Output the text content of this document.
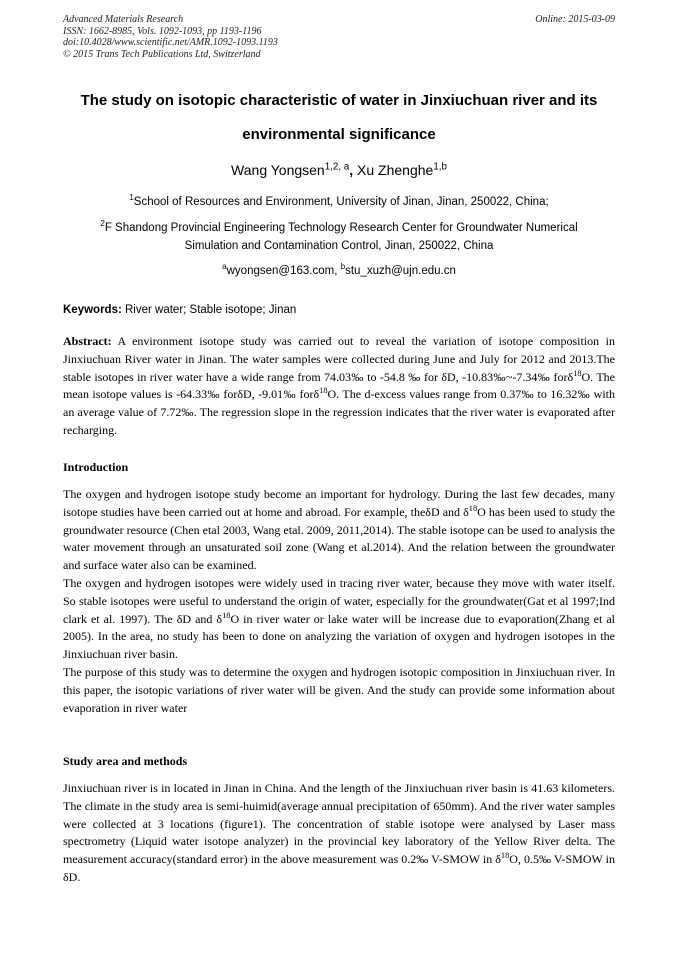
Advanced Materials Research
ISSN: 1662-8985, Vols. 1092-1093, pp 1193-1196
doi:10.4028/www.scientific.net/AMR.1092-1093.1193
© 2015 Trans Tech Publications Ltd, Switzerland
Online: 2015-03-09
The study on isotopic characteristic of water in Jinxiuchuan river and its
environmental significance
Wang Yongsen$^{1,2, a}$, Xu Zhenghe$^{1,b}$
$^1$School of Resources and Environment, University of Jinan, Jinan, 250022, China;
$^2$F Shandong Provincial Engineering Technology Research Center for Groundwater Numerical
Simulation and Contamination Control, Jinan, 250022, China
$^a$wyongsen@163.com, $^b$stu_xuzh@ujn.edu.cn
Keywords: River water; Stable isotope; Jinan

Abstract: A environment isotope study was carried out to reveal the variation of isotope composition in Jinxiuchuan River water in Jinan. The water samples were collected during June and July for 2012 and 2013.The stable isotopes in river water have a wide range from 74.03‰ to -54.8 ‰ for δD, -10.83‰~-7.34‰ forδ$^{18}$O. The mean isotope values is -64.33‰ forδD, -9.01‰ forδ$^{18}$O. The d-excess values range from 0.37‰ to 16.32‰ with an average value of 7.72‰. The regression slope in the regression indicates that the river water is evaporated after recharging.

Introduction

The oxygen and hydrogen isotope study become an important for hydrology. During the last few decades, many isotope studies have been carried out at home and abroad. For example, theδD and $\delta^{18}O$ has been used to study the groundwater resource (Chen etal 2003, Wang etal. 2009, 2011,2014). The stable isotope can be used to analysis the water movement through an unsaturated soil zone (Wang et al.2014). And the relation between the groundwater and surface water also can be examined.

The oxygen and hydrogen isotopes were widely used in tracing river water, because they move with water itself. So stable isotopes were useful to understand the origin of water, especially for the groundwater(Gat et al 1997;Ind clark et al. 1997). The δD and $\delta^{18}O$ in river water or lake water will be increase due to evaporation(Zhang et al 2005). In the area, no study has been to done on analyzing the variation of oxygen and hydrogen isotopes in the Jinxiuchuan river basin.

The purpose of this study was to determine the oxygen and hydrogen isotopic composition in Jinxiuchuan river. In this paper, the isotopic variations of river water will be given. And the study can provide some information about evaporation in river water

Study area and methods

Jinxiuchuan river is in located in Jinan in China. And the length of the Jinxiuchuan river basin is 41.63 kilometers. The climate in the study area is semi-huimid(average annual precipitation of 650mm). And the river water samples were collected at 3 locations (figure1). The concentration of stable isotope were analysed by Laser mass spectrometry (Liquid water isotope analyzer) in the provincial key laboratory of the Yellow River delta. The measurement accuracy(standard error) in the above measurement was 0.2‰ V-SMOW in $\delta^{18}O$, 0.5‰ V-SMOW in δD.
